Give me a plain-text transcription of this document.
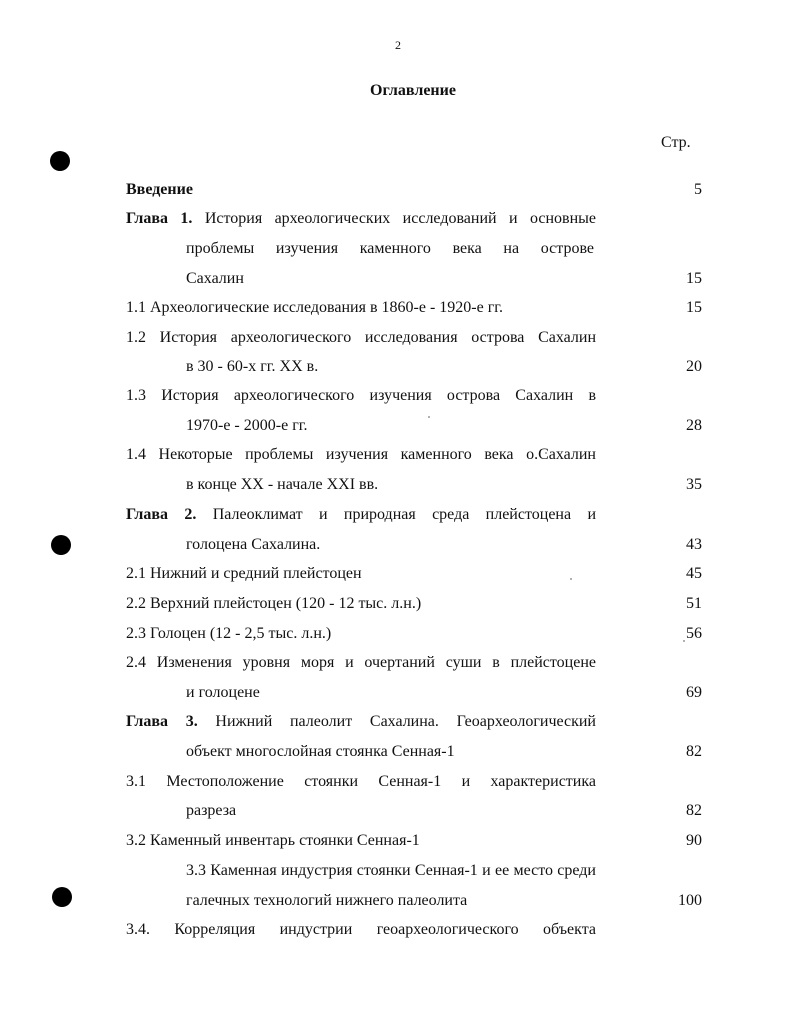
2
Оглавление
Стр.
Введение	5
Глава 1. История археологических исследований и основные
проблемы изучения каменного века на острове
Сахалин	15
1.1 Археологические исследования в 1860-е - 1920-е гг.	15
1.2 История археологического исследования острова Сахалин
в 30 - 60-х гг. XX в.	20
1.3 История археологического изучения острова Сахалин в
1970-е - 2000-е гг.	28
1.4 Некоторые проблемы изучения каменного века о.Сахалин
в конце XX - начале XXI вв.	35
Глава 2. Палеоклимат и природная среда плейстоцена и
голоцена Сахалина.	43
2.1 Нижний и средний плейстоцен	45
2.2 Верхний плейстоцен (120 - 12 тыс. л.н.)	51
2.3 Голоцен (12 - 2,5 тыс. л.н.)	56
2.4 Изменения уровня моря и очертаний суши в плейстоцене
и голоцене	69
Глава 3. Нижний палеолит Сахалина. Геоархеологический
объект многослойная стоянка Сенная-1	82
3.1 Местоположение стоянки Сенная-1 и характеристика
разреза	82
3.2 Каменный инвентарь стоянки Сенная-1	90
3.3 Каменная индустрия стоянки Сенная-1 и ее место среди
галечных технологий нижнего палеолита	100
3.4. Корреляция индустрии геоархеологического объекта
